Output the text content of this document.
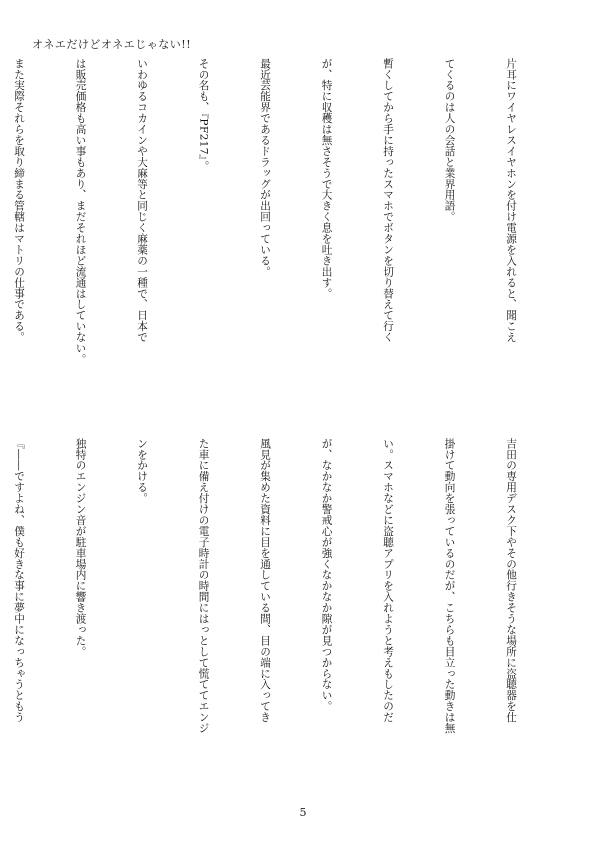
オネエだけどオネエじゃない!!

片耳にワイヤレスイヤホンを付け電源を入れると、聞こえ

てくるのは人の会話と業界用語。

暫くしてから手に持ったスマホでボタンを切り替えて行く

が、特に収穫は無さそうで大きく息を吐き出す。

最近芸能界であるドラッグが出回っている。

その名も、『PF217』。

いわゆるコカインや大麻等と同じく麻薬の一種で、日本で

は販売価格も高い事もあり、まだそれほど流通はしていない。

また実際それらを取り締まる管轄はマトリの仕事である。

吉田の専用デスク下やその他行きそうな場所に盗聴器を仕

掛けて動向を張っているのだが、こちらも目立った動きは無

い。スマホなどに盗聴アプリを入れようと考えもしたのだ

が、なかなか警戒心が強くなかなか隙が見つからない。

風見が集めた資料に目を通している間、目の端に入ってき

た車に備え付けの電子時計の時間にはっとして慌ててエンジ

ンをかける。

独特のエンジン音が駐車場内に響き渡った。

『――ですよね、僕も好きな事に夢中になっちゃうともう

5
